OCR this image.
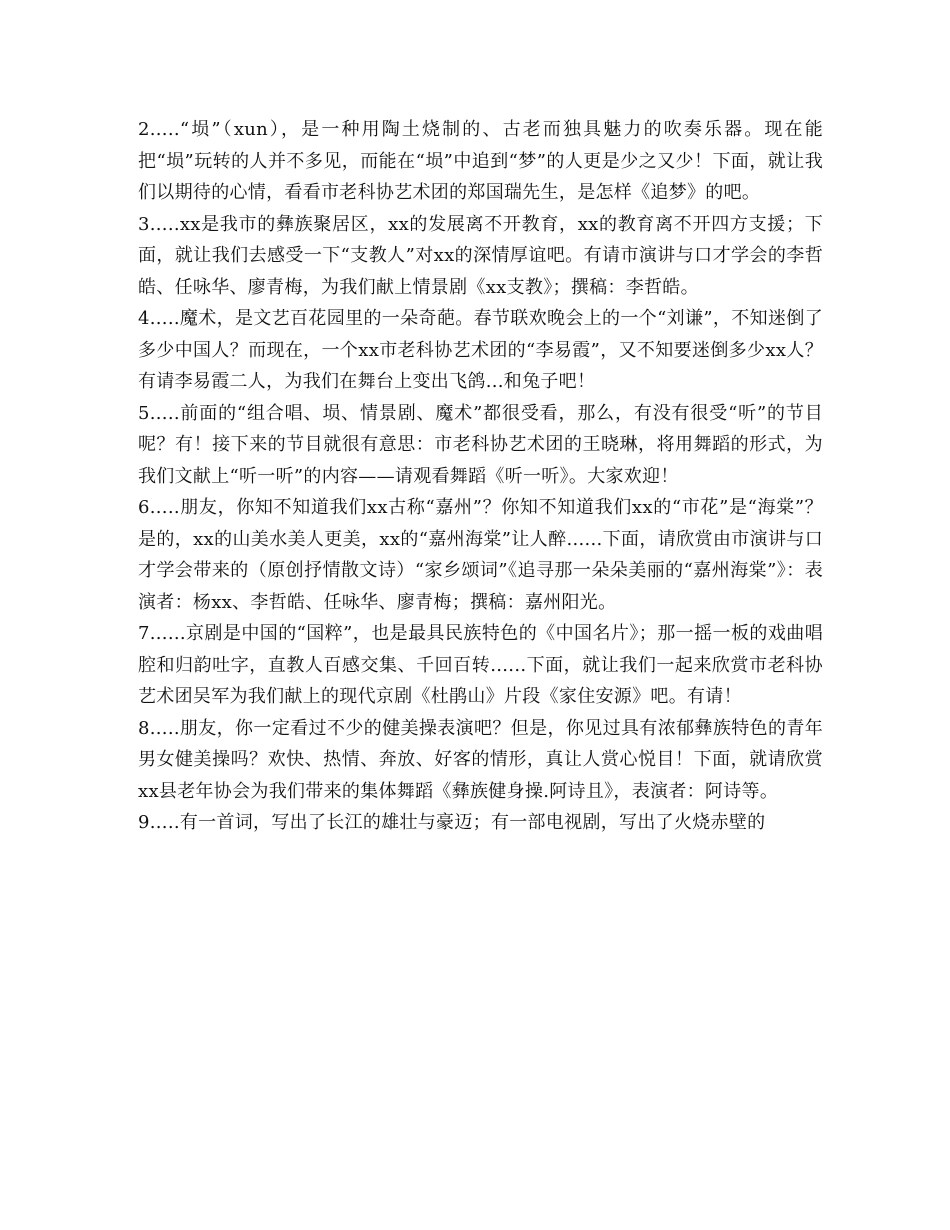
2.....“埙”（xun），是一种用陶土烧制的、古老而独具魅力的吹奏乐器。现在能把“埙”玩转的人并不多见，而能在“埙”中追到“梦”的人更是少之又少！下面，就让我们以期待的心情，看看市老科协艺术团的郑国瑞先生，是怎样《追梦》的吧。

3.....xx是我市的彝族聚居区，xx的发展离不开教育，xx的教育离不开四方支援；下面，就让我们去感受一下“支教人”对xx的深情厚谊吧。有请市演讲与口才学会的李哲皓、任咏华、廖青梅，为我们献上情景剧《xx支教》；撰稿：李哲皓。

4.....魔术，是文艺百花园里的一朵奇葩。春节联欢晚会上的一个“刘谦”，不知迷倒了多少中国人？而现在，一个xx市老科协艺术团的“李易霞”，又不知要迷倒多少xx人？有请李易霞二人，为我们在舞台上变出飞鸽...和兔子吧！

5.....前面的“组合唱、埙、情景剧、魔术”都很受看，那么，有没有很受“听”的节目呢？有！接下来的节目就很有意思：市老科协艺术团的王晓琳，将用舞蹈的形式，为我们文献上“听一听”的内容——请观看舞蹈《听一听》。大家欢迎！

6.....朋友，你知不知道我们xx古称“嘉州”？你知不知道我们xx的“市花”是“海棠”？是的，xx的山美水美人更美，xx的“嘉州海棠”让人醉......下面，请欣赏由市演讲与口才学会带来的（原创抒情散文诗）“家乡颂词”《追寻那一朵朵美丽的“嘉州海棠”》：表演者：杨xx、李哲皓、任咏华、廖青梅；撰稿：嘉州阳光。

7......京剧是中国的“国粹”，也是最具民族特色的《中国名片》；那一摇一板的戏曲唱腔和归韵吐字，直教人百感交集、千回百转......下面，就让我们一起来欣赏市老科协艺术团吴军为我们献上的现代京剧《杜鹃山》片段《家住安源》吧。有请！

8.....朋友，你一定看过不少的健美操表演吧？但是，你见过具有浓郁彝族特色的青年男女健美操吗？欢快、热情、奔放、好客的情形，真让人赏心悦目！下面，就请欣赏xx县老年协会为我们带来的集体舞蹈《彝族健身操.阿诗且》，表演者：阿诗等。

9.....有一首词，写出了长江的雄壮与豪迈；有一部电视剧，写出了火烧赤壁的
